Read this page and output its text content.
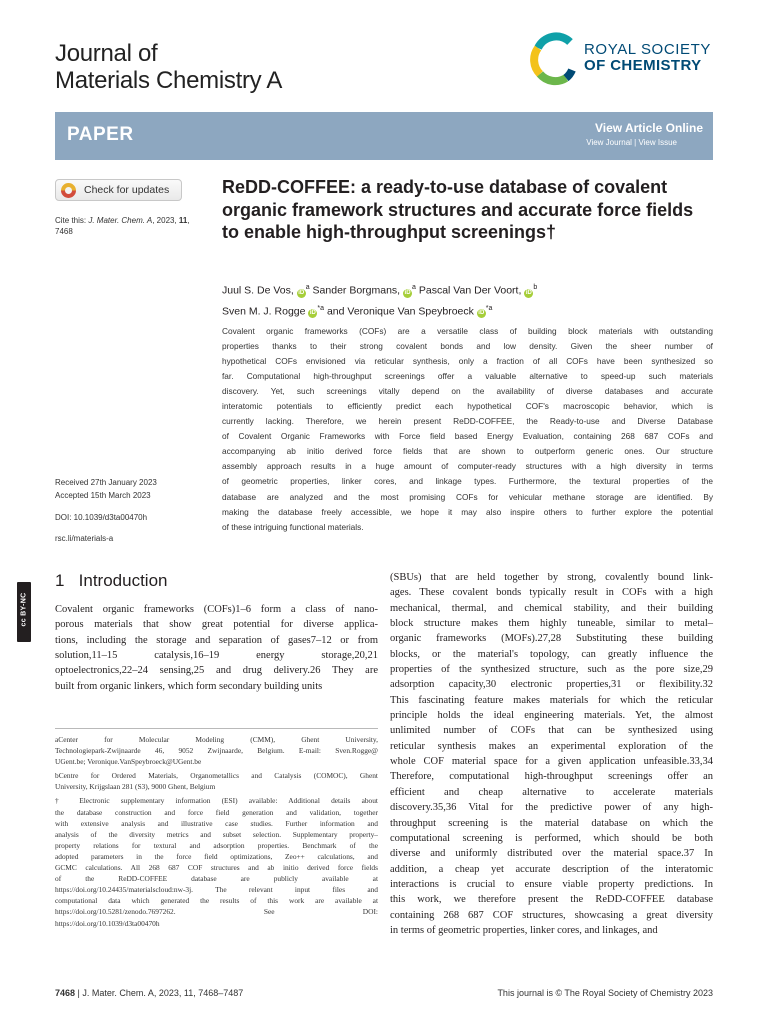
Journal of
Materials Chemistry A
ROYAL SOCIETY
OF CHEMISTRY
PAPER	View Article Online
View Journal | View Issue
Check for updates
Cite this: J. Mater. Chem. A, 2023, 11,
7468
Received 27th January 2023
Accepted 15th March 2023
DOI: 10.1039/d3ta00470h
rsc.li/materials-a
ReDD-COFFEE: a ready-to-use database of covalent organic framework structures and accurate force fields to enable high-throughput screenings†
Juul S. De Vos, $iD^a$ Sander Borgmans, $iD^a$ Pascal Van Der Voort, $iD^b$
Sven M. J. Rogge $iD^{*a}$ and Veronique Van Speybroeck $iD^{*a}$
Covalent organic frameworks (COFs) are a versatile class of building block materials with outstanding
properties thanks to their strong covalent bonds and low density. Given the sheer number of
hypothetical COFs envisioned via reticular synthesis, only a fraction of all COFs have been synthesized so
far. Computational high-throughput screenings offer a valuable alternative to speed-up such materials
discovery. Yet, such screenings vitally depend on the availability of diverse databases and accurate
interatomic potentials to efficiently predict each hypothetical COF's macroscopic behavior, which is
currently lacking. Therefore, we herein present ReDD-COFFEE, the Ready-to-use and Diverse Database
of Covalent Organic Frameworks with Force field based Energy Evaluation, containing 268 687 COFs and
accompanying ab initio derived force fields that are shown to outperform generic ones. Our structure
assembly approach results in a huge amount of computer-ready structures with a high diversity in terms
of geometric properties, linker cores, and linkage types. Furthermore, the textural properties of the
database are analyzed and the most promising COFs for vehicular methane storage are identified. By
making the database freely accessible, we hope it may also inspire others to further explore the potential
of these intriguing functional materials.
cc BY-NC
1 Introduction
Covalent organic frameworks (COFs)1–6 form a class of nano-
porous materials that show great potential for diverse applica-
tions, including the storage and separation of gases7–12 or from
solution,11–15 catalysis,16–19 energy storage,20,21
optoelectronics,22–24 sensing,25 and drug delivery.26 They are
built from organic linkers, which form secondary building units
(SBUs) that are held together by strong, covalently bound link-
ages. These covalent bonds typically result in COFs with a high
mechanical, thermal, and chemical stability, and their building
block structure makes them highly tuneable, similar to metal–
organic frameworks (MOFs).27,28 Substituting these building
blocks, or the material's topology, can greatly influence the
properties of the synthesized structure, such as the pore size,29
adsorption capacity,30 electronic properties,31 or flexibility.32
This fascinating feature makes materials for which the reticular
principle holds the ideal engineering materials. Yet, the almost
unlimited number of COFs that can be synthesized using
reticular synthesis makes an experimental exploration of the
whole COF material space for a given application unfeasible.33,34
Therefore, computational high-throughput screenings offer an
efficient and cheap alternative to accelerate materials
discovery.35,36 Vital for the predictive power of any high-
throughput screening is the material database on which the
computational screening is performed, which should be both
diverse and uniformly distributed over the material space.37 In
addition, a cheap yet accurate description of the interatomic
interactions is crucial to ensure viable property predictions. In
this work, we therefore present the ReDD-COFFEE database
containing 268 687 COF structures, showcasing a great diversity
in terms of geometric properties, linker cores, and linkages, and
aCenter for Molecular Modeling (CMM), Ghent University,
Technologiepark-Zwijnaarde 46, 9052 Zwijnaarde, Belgium. E-mail: Sven.Rogge@
UGent.be; Veronique.VanSpeybroeck@UGent.be
bCentre for Ordered Materials, Organometallics and Catalysis (COMOC), Ghent
University, Krijgslaan 281 (S3), 9000 Ghent, Belgium
† Electronic supplementary information (ESI) available: Additional details about
the database construction and force field generation and validation, together
with extensive analysis and illustrative case studies. Further information and
analysis of the diversity metrics and subset selection. Supplementary property–
property relations for textural and adsorption properties. Benchmark of the
adopted parameters in the force field optimizations, Zeo++ calculations, and
GCMC calculations. All 268 687 COF structures and ab initio derived force fields
of the ReDD-COFFEE database are publicly available at
https://doi.org/10.24435/materialscloud:nw-3j. The relevant input files and
computational data which generated the results of this work are available at
https://doi.org/10.5281/zenodo.7697262. See DOI:
https://doi.org/10.1039/d3ta00470h
7468 | J. Mater. Chem. A, 2023, 11, 7468–7487	This journal is © The Royal Society of Chemistry 2023
